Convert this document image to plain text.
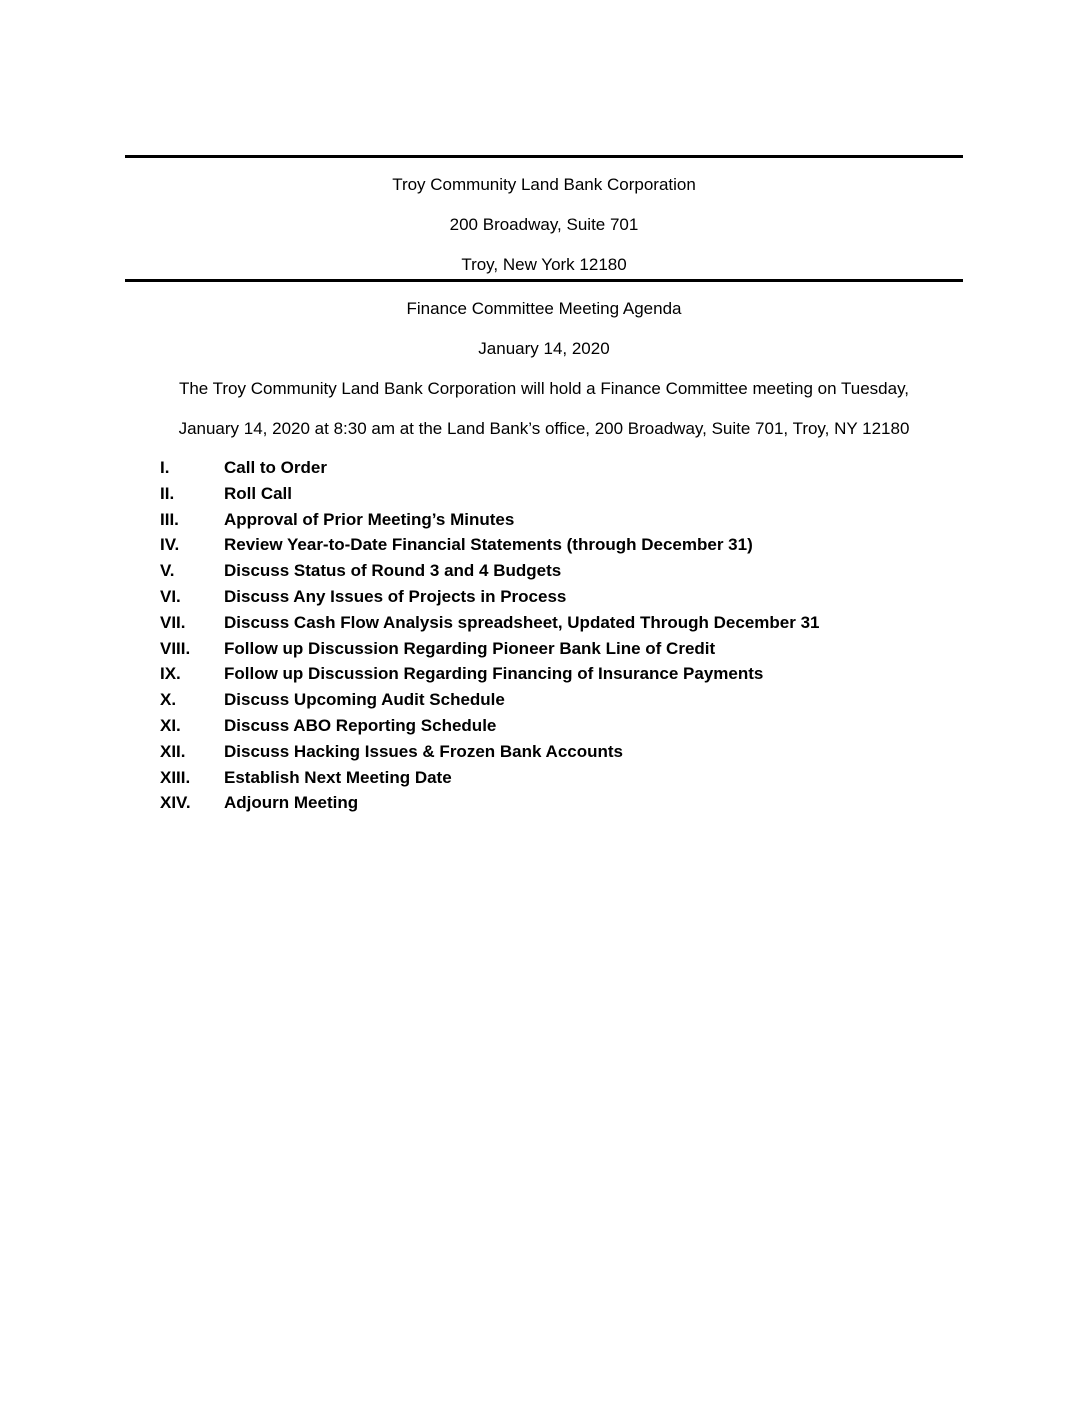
Troy Community Land Bank Corporation
200 Broadway, Suite 701
Troy, New York 12180
Finance Committee Meeting Agenda
January 14, 2020
The Troy Community Land Bank Corporation will hold a Finance Committee meeting on Tuesday,
January 14, 2020 at 8:30 am at the Land Bank’s office, 200 Broadway, Suite 701, Troy, NY 12180
I.	Call to Order
II.	Roll Call
III.	Approval of Prior Meeting’s Minutes
IV.	Review Year-to-Date Financial Statements (through December 31)
V.	Discuss Status of Round 3 and 4 Budgets
VI.	Discuss Any Issues of Projects in Process
VII.	Discuss Cash Flow Analysis spreadsheet, Updated Through December 31
VIII.	Follow up Discussion Regarding Pioneer Bank Line of Credit
IX.	Follow up Discussion Regarding Financing of Insurance Payments
X.	Discuss Upcoming Audit Schedule
XI.	Discuss ABO Reporting Schedule
XII.	Discuss Hacking Issues & Frozen Bank Accounts
XIII.	Establish Next Meeting Date
XIV.	Adjourn Meeting
